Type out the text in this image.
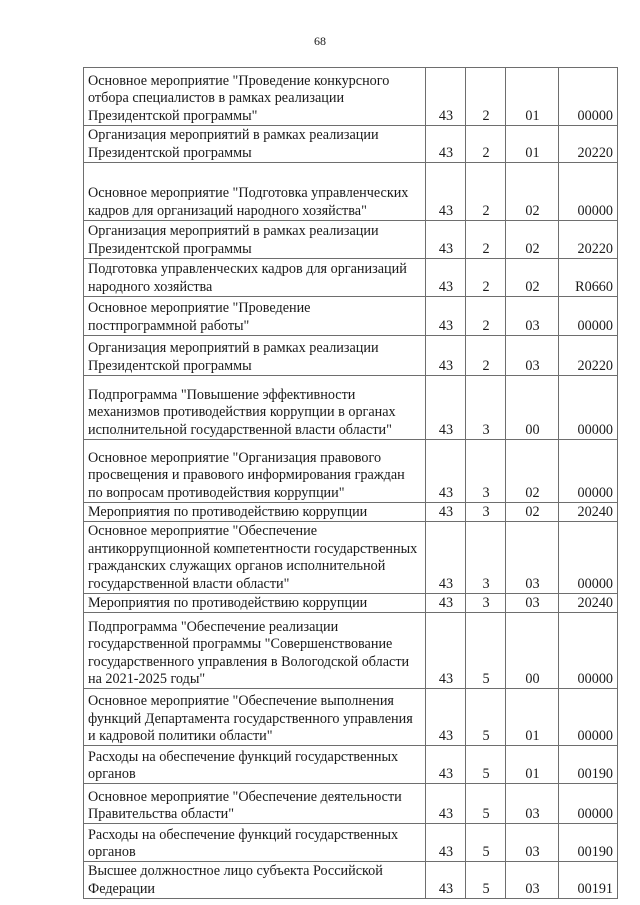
68
Основное мероприятие "Проведение конкурсного отбора специалистов в рамках реализации Президентской программы"	43	2	01	00000
Организация мероприятий в рамках реализации Президентской программы	43	2	01	20220
Основное мероприятие "Подготовка управленческих кадров для организаций народного хозяйства"	43	2	02	00000
Организация мероприятий в рамках реализации Президентской программы	43	2	02	20220
Подготовка управленческих кадров для организаций народного хозяйства	43	2	02	R0660
Основное мероприятие "Проведение постпрограммной работы"	43	2	03	00000
Организация мероприятий в рамках реализации Президентской программы	43	2	03	20220
Подпрограмма "Повышение эффективности механизмов противодействия коррупции в органах исполнительной государственной власти области"	43	3	00	00000
Основное мероприятие "Организация правового просвещения и правового информирования граждан по вопросам противодействия коррупции"	43	3	02	00000
Мероприятия по противодействию коррупции	43	3	02	20240
Основное мероприятие "Обеспечение антикоррупционной компетентности государственных гражданских служащих органов исполнительной государственной власти области"	43	3	03	00000
Мероприятия по противодействию коррупции	43	3	03	20240
Подпрограмма "Обеспечение реализации государственной программы "Совершенствование государственного управления в Вологодской области на 2021-2025 годы"	43	5	00	00000
Основное мероприятие "Обеспечение выполнения функций Департамента государственного управления и кадровой политики области"	43	5	01	00000
Расходы на обеспечение функций государственных органов	43	5	01	00190
Основное мероприятие "Обеспечение деятельности Правительства области"	43	5	03	00000
Расходы на обеспечение функций государственных органов	43	5	03	00190
Высшее должностное лицо субъекта Российской Федерации	43	5	03	00191
